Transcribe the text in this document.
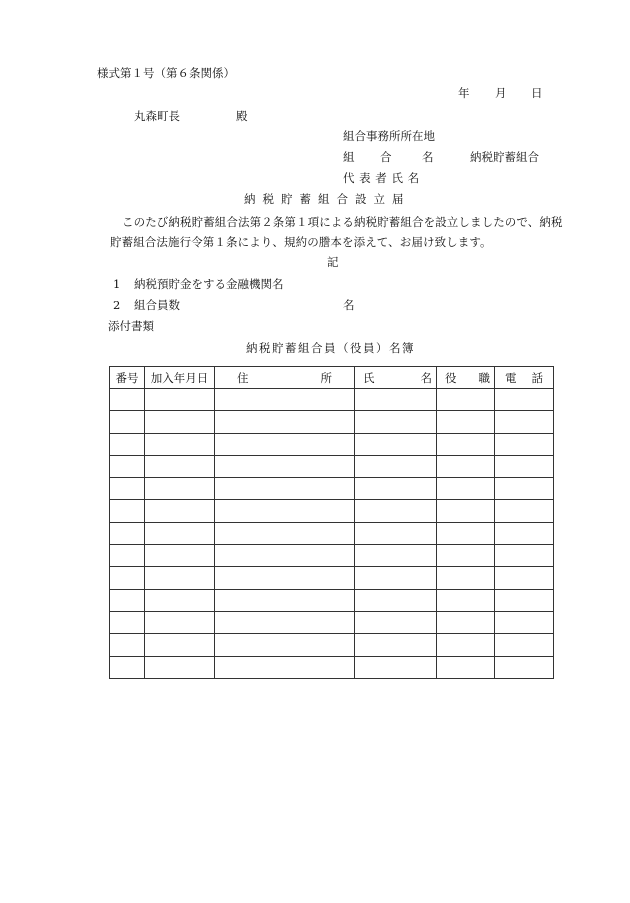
様式第１号（第６条関係）
年 月 日
丸森町長	殿
組合事務所所在地
組 合	名	納税貯蓄組合
代 表 者 氏 名
納税貯蓄組合設立届
このたび納税貯蓄組合法第２条第１項による納税貯蓄組合を設立しましたので、納税貯蓄組合法施行令第１条により、規約の謄本を添えて、お届け致します。
記
1 納税預貯金をする金融機関名
2 組合員数	名
添付書類
納税貯蓄組合員（役員）名簿
番号	加入年月日	住 所	氏 名	役 職	電 話
